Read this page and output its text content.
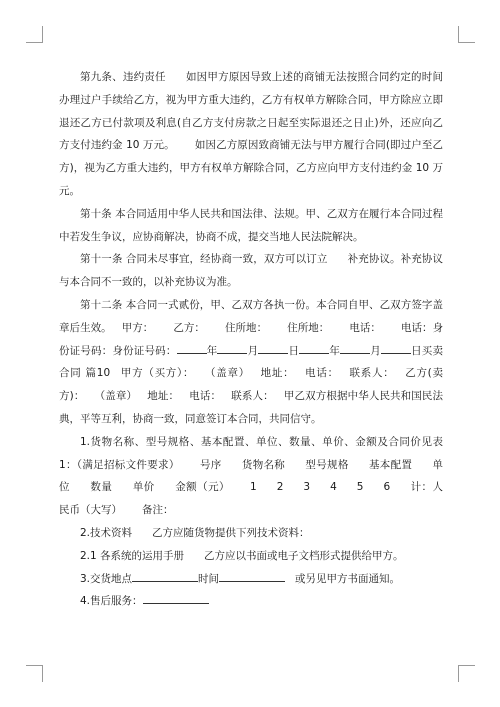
第九条、违约责任 如因甲方原因导致上述的商铺无法按照合同约定的时间办理过户手续给乙方，视为甲方重大违约，乙方有权单方解除合同，甲方除应立即退还乙方已付款项及利息(自乙方支付房款之日起至实际退还之日止)外，还应向乙方支付违约金 10 万元。 如因乙方原因致商铺无法与甲方履行合同(即过户至乙方)，视为乙方重大违约，甲方有权单方解除合同，乙方应向甲方支付违约金 10 万元。

第十条 本合同适用中华人民共和国法律、法规。甲、乙双方在履行本合同过程中若发生争议，应协商解决，协商不成，提交当地人民法院解决。

第十一条 合同未尽事宜，经协商一致，双方可以订立 补充协议。补充协议与本合同不一致的，以补充协议为准。

第十二条 本合同一式贰份，甲、乙双方各执一份。本合同自甲、乙双方签字盖章后生效。 甲方： 乙方： 住所地： 住所地： 电话： 电话：身份证号码：身份证号码：	年	月	日	年	月	日买卖合同 篇10 甲方（买方）： （盖章） 地址： 电话： 联系人： 乙方(卖方)： （盖章） 地址： 电话： 联系人： 甲乙双方根据中华人民共和国民法典，平等互利，协商一致，同意签订本合同，共同信守。

1.货物名称、型号规格、基本配置、单位、数量、单价、金额及合同价见表 1：（满足招标文件要求） 号序 货物名称 型号规格 基本配置 单位 数量 单价 金额（元） 1 2 3 4 5 6 计：人民币（大写） 备注：

2.技术资料 乙方应随货物提供下列技术资料：

2.1 各系统的运用手册 乙方应以书面或电子文档形式提供给甲方。

3.交货地点	时间	或另见甲方书面通知。

4.售后服务：
